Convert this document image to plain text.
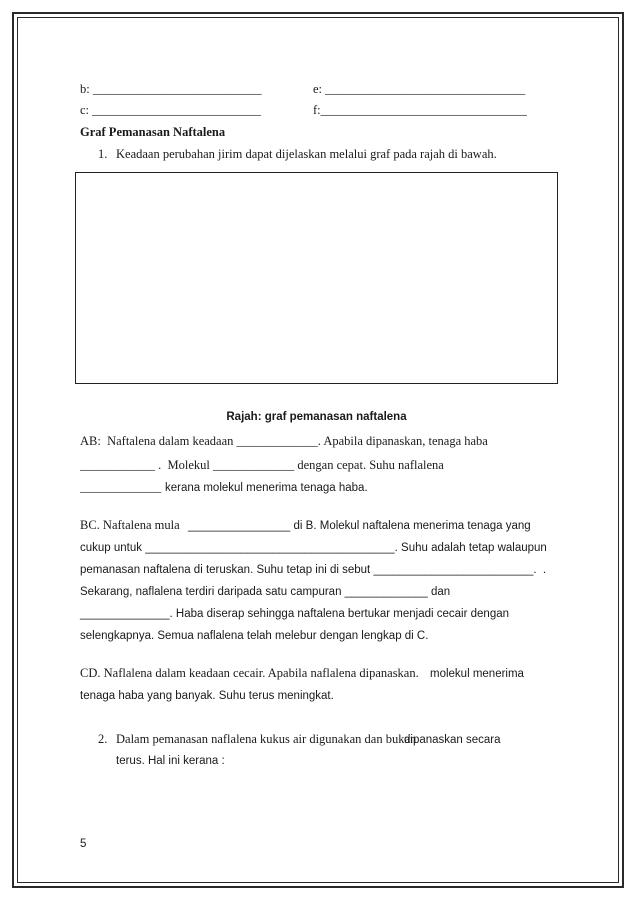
b: ___________________________	e: ________________________________
c: ___________________________	f:_________________________________
Graf Pemanasan Naftalena
1. Keadaan perubahan jirim dapat dijelaskan melalui graf pada rajah di bawah.
Rajah: graf pemanasan naftalena
AB:  Naftalena dalam keadaan _____________. Apabila dipanaskan, tenaga haba
____________ .  Molekul _____________ dengan cepat. Suhu naflalena
_____________ kerana molekul menerima tenaga haba.
BC. Naftalena mula ________________ di B. Molekul naftalena menerima tenaga yang
cukup untuk _______________________________________. Suhu adalah tetap walaupun
pemanasan naftalena di teruskan. Suhu tetap ini di sebut _________________________.  .
Sekarang, naflalena terdiri daripada satu campuran _____________ dan
______________. Haba diserap sehingga naftalena bertukar menjadi cecair dengan
selengkapnya. Semua naflalena telah melebur dengan lengkap di C.
CD. Naflalena dalam keadaan cecair. Apabila naflalena dipanaskan. molekul menerima
tenaga haba yang banyak. Suhu terus meningkat.
2. Dalam pemanasan naflalena kukus air digunakan dan bukan
dipanaskan secara
terus. Hal ini kerana :
5
